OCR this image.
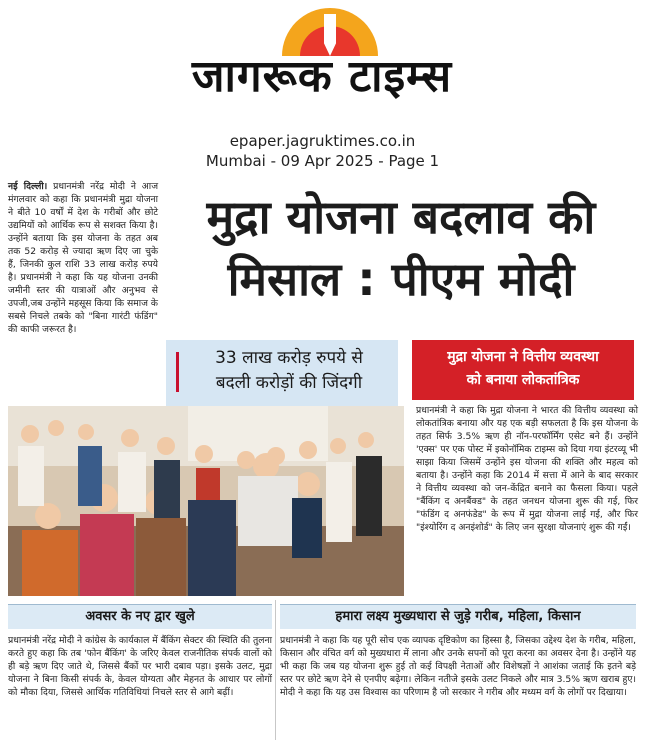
जागरूक टाइम्स
epaper.jagruktimes.co.in
Mumbai - 09 Apr 2025 - Page 1
नई दिल्ली। प्रधानमंत्री नरेंद्र मोदी ने आज मंगलवार को कहा कि प्रधानमंत्री मुद्रा योजना ने बीते 10 वर्षों में देश के गरीबों और छोटे उद्यमियों को आर्थिक रूप से सशक्त किया है। उन्होंने बताया कि इस योजना के तहत अब तक 52 करोड़ से ज्यादा ऋण दिए जा चुके हैं, जिनकी कुल राशि 33 लाख करोड़ रुपये है। प्रधानमंत्री ने कहा कि यह योजना उनकी जमीनी स्तर की यात्राओं और अनुभव से उपजी,जब उन्होंने महसूस किया कि समाज के सबसे निचले तबके को "बिना गारंटी फंडिंग" की काफी जरूरत है।
मुद्रा योजना बदलाव की
मिसाल : पीएम मोदी
33 लाख करोड़ रुपये से
बदली करोड़ों की जिंदगी
मुद्रा योजना ने वित्तीय व्यवस्था
को बनाया लोकतांत्रिक
प्रधानमंत्री ने कहा कि मुद्रा योजना ने भारत की वित्तीय व्यवस्था को लोकतांत्रिक बनाया और यह एक बड़ी सफलता है कि इस योजना के तहत सिर्फ 3.5% ऋण ही नॉन-परफॉर्मिंग एसेट बने हैं। उन्होंने 'एक्स' पर एक पोस्ट में इकोनॉमिक टाइम्स को दिया गया इंटरव्यू भी साझा किया जिसमें उन्होंने इस योजना की शक्ति और महत्व को बताया है। उन्होंने कहा कि 2014 में सत्ता में आने के बाद सरकार ने वित्तीय व्यवस्था को जन-केंद्रित बनाने का फैसला किया। पहले "बैंकिंग द अनबैंक्ड" के तहत जनधन योजना शुरू की गई, फिर "फंडिंग द अनफंडेड" के रूप में मुद्रा योजना लाई गई, और फिर "इंश्योरिंग द अनइंशोर्ड" के लिए जन सुरक्षा योजनाएं शुरू की गईं।
अवसर के नए द्वार खुले	हमारा लक्ष्य मुख्यधारा से जुड़े गरीब, महिला, किसान
प्रधानमंत्री नरेंद्र मोदी ने कांग्रेस के कार्यकाल में बैंकिंग सेक्टर की स्थिति की तुलना करते हुए कहा कि तब 'फोन बैंकिंग' के जरिए केवल राजनीतिक संपर्क वालों को ही बड़े ऋण दिए जाते थे, जिससे बैंकों पर भारी दबाव पड़ा। इसके उलट, मुद्रा योजना ने बिना किसी संपर्क के, केवल योग्यता और मेहनत के आधार पर लोगों को मौका दिया, जिससे आर्थिक गतिविधियां निचले स्तर से आगे बढ़ीं।
प्रधानमंत्री ने कहा कि यह पूरी सोच एक व्यापक दृष्टिकोण का हिस्सा है, जिसका उद्देश्य देश के गरीब, महिला, किसान और वंचित वर्ग को मुख्यधारा में लाना और उनके सपनों को पूरा करना का अवसर देना है। उन्होंने यह भी कहा कि जब यह योजना शुरू हुई तो कई विपक्षी नेताओं और विशेषज्ञों ने आशंका जताई कि इतने बड़े स्तर पर छोटे ऋण देने से एनपीए बढ़ेगा। लेकिन नतीजे इसके उलट निकले और मात्र 3.5% ऋण खराब हुए। मोदी ने कहा कि यह उस विश्वास का परिणाम है जो सरकार ने गरीब और मध्यम वर्ग के लोगों पर दिखाया।
